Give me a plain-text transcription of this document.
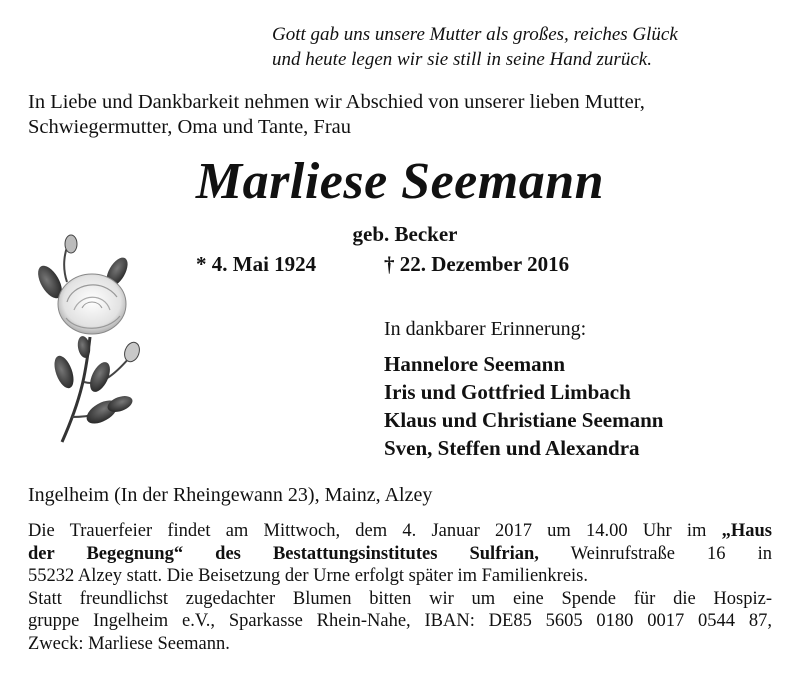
Gott gab uns unsere Mutter als großes, reiches Glück
und heute legen wir sie still in seine Hand zurück.
In Liebe und Dankbarkeit nehmen wir Abschied von unserer lieben Mutter,
Schwiegermutter, Oma und Tante, Frau
Marliese Seemann
geb. Becker
* 4. Mai 1924	† 22. Dezember 2016
In dankbarer Erinnerung:
Hannelore Seemann
Iris und Gottfried Limbach
Klaus und Christiane Seemann
Sven, Steffen und Alexandra
Ingelheim (In der Rheingewann 23), Mainz, Alzey

Die Trauerfeier findet am Mittwoch, dem 4. Januar 2017 um 14.00 Uhr im „Haus
der Begegnung“ des Bestattungsinstitutes Sulfrian, Weinrufstraße 16 in
55232 Alzey statt. Die Beisetzung der Urne erfolgt später im Familienkreis.

Statt freundlichst zugedachter Blumen bitten wir um eine Spende für die Hospiz-
gruppe Ingelheim e.V., Sparkasse Rhein-Nahe, IBAN: DE85 5605 0180 0017 0544 87,
Zweck: Marliese Seemann.
